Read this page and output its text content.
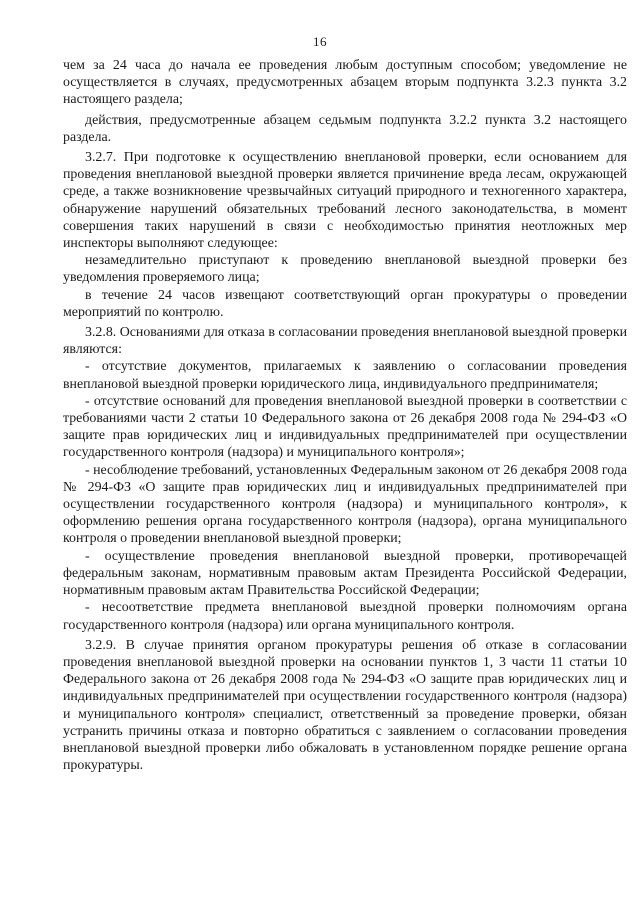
16

чем за 24 часа до начала ее проведения любым доступным способом; уведомление не осуществляется в случаях, предусмотренных абзацем вторым подпункта 3.2.3 пункта 3.2 настоящего раздела;

действия, предусмотренные абзацем седьмым подпункта 3.2.2 пункта 3.2 настоящего раздела.

3.2.7. При подготовке к осуществлению внеплановой проверки, если основанием для проведения внеплановой выездной проверки является причинение вреда лесам, окружающей среде, а также возникновение чрезвычайных ситуаций природного и техногенного характера, обнаружение нарушений обязательных требований лесного законодательства, в момент совершения таких нарушений в связи с необходимостью принятия неотложных мер инспекторы выполняют следующее:

незамедлительно приступают к проведению внеплановой выездной проверки без уведомления проверяемого лица;

в течение 24 часов извещают соответствующий орган прокуратуры о проведении мероприятий по контролю.

3.2.8. Основаниями для отказа в согласовании проведения внеплановой выездной проверки являются:

- отсутствие документов, прилагаемых к заявлению о согласовании проведения внеплановой выездной проверки юридического лица, индивидуального предпринимателя;

- отсутствие оснований для проведения внеплановой выездной проверки в соответствии с требованиями части 2 статьи 10 Федерального закона от 26 декабря 2008 года № 294-ФЗ «О защите прав юридических лиц и индивидуальных предпринимателей при осуществлении государственного контроля (надзора) и муниципального контроля»;

- несоблюдение требований, установленных Федеральным законом от 26 декабря 2008 года № 294-ФЗ «О защите прав юридических лиц и индивидуальных предпринимателей при осуществлении государственного контроля (надзора) и муниципального контроля», к оформлению решения органа государственного контроля (надзора), органа муниципального контроля о проведении внеплановой выездной проверки;

- осуществление проведения внеплановой выездной проверки, противоречащей федеральным законам, нормативным правовым актам Президента Российской Федерации, нормативным правовым актам Правительства Российской Федерации;

- несоответствие предмета внеплановой выездной проверки полномочиям органа государственного контроля (надзора) или органа муниципального контроля.

3.2.9. В случае принятия органом прокуратуры решения об отказе в согласовании проведения внеплановой выездной проверки на основании пунктов 1, 3 части 11 статьи 10 Федерального закона от 26 декабря 2008 года № 294-ФЗ «О защите прав юридических лиц и индивидуальных предпринимателей при осуществлении государственного контроля (надзора) и муниципального контроля» специалист, ответственный за проведение проверки, обязан устранить причины отказа и повторно обратиться с заявлением о согласовании проведения внеплановой выездной проверки либо обжаловать в установленном порядке решение органа прокуратуры.
